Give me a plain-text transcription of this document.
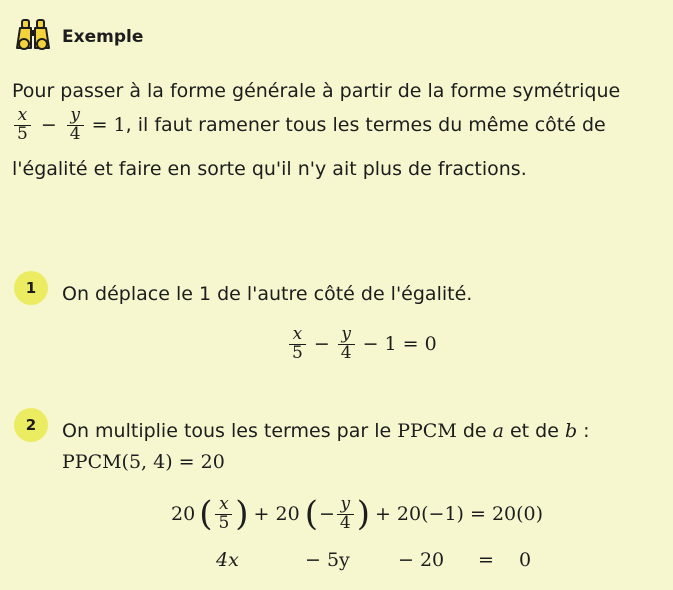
Exemple
Pour passer à la forme générale à partir de la forme symétrique
$\frac{x}{5} - \frac{y}{4} = 1$ , il faut ramener tous les termes du même côté de
l'égalité et faire en sorte qu'il n'y ait plus de fractions.
1	On déplace le 1 de l'autre côté de l'égalité.
$\frac{x}{5} - \frac{y}{4} - 1 = 0$
2	On multiplie tous les termes par le PPCM de a et de b :
PPCM(5, 4) = 20
20 ( $\frac{x}{5}$ ) + 20 ( − $\frac{y}{4}$ ) + 20(−1) = 20(0)
4x	− 5y	− 20 = 0
